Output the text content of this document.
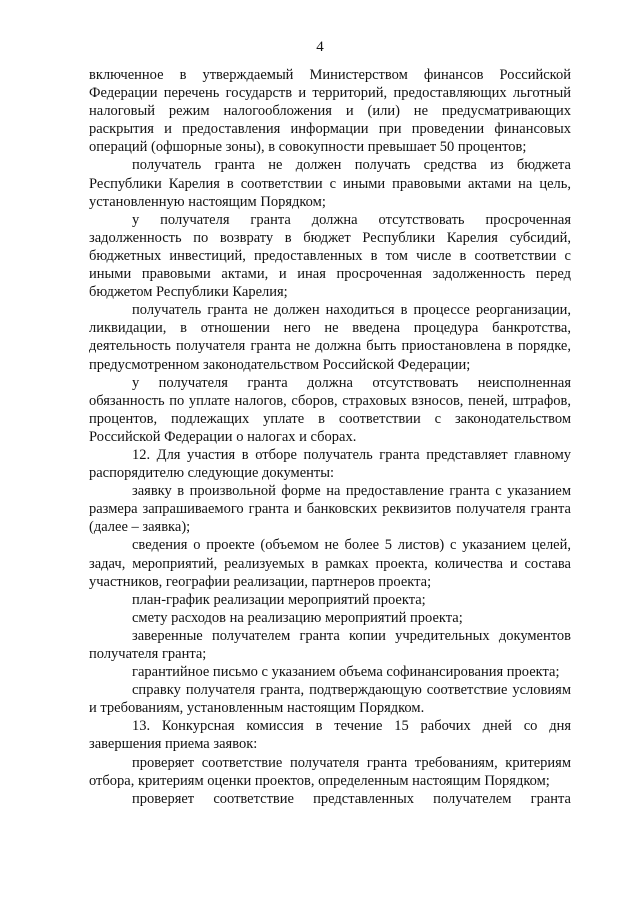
4

включенное в утверждаемый Министерством финансов Российской Федерации перечень государств и территорий, предоставляющих льготный налоговый режим налогообложения и (или) не предусматривающих раскрытия и предоставления информации при проведении финансовых операций (офшорные зоны), в совокупности превышает 50 процентов;

получатель гранта не должен получать средства из бюджета Республики Карелия в соответствии с иными правовыми актами на цель, установленную настоящим Порядком;

у получателя гранта должна отсутствовать просроченная задолженность по возврату в бюджет Республики Карелия субсидий, бюджетных инвестиций, предоставленных в том числе в соответствии с иными правовыми актами, и иная просроченная задолженность перед бюджетом Республики Карелия;

получатель гранта не должен находиться в процессе реорганизации, ликвидации, в отношении него не введена процедура банкротства, деятельность получателя гранта не должна быть приостановлена в порядке, предусмотренном законодательством Российской Федерации;

у получателя гранта должна отсутствовать неисполненная обязанность по уплате налогов, сборов, страховых взносов, пеней, штрафов, процентов, подлежащих уплате в соответствии с законодательством Российской Федерации о налогах и сборах.

12. Для участия в отборе получатель гранта представляет главному распорядителю следующие документы:

заявку в произвольной форме на предоставление гранта с указанием размера запрашиваемого гранта и банковских реквизитов получателя гранта (далее – заявка);

сведения о проекте (объемом не более 5 листов) с указанием целей, задач, мероприятий, реализуемых в рамках проекта, количества и состава участников, географии реализации, партнеров проекта;

план-график реализации мероприятий проекта;

смету расходов на реализацию мероприятий проекта;

заверенные получателем гранта копии учредительных документов получателя гранта;

гарантийное письмо с указанием объема софинансирования проекта;

справку получателя гранта, подтверждающую соответствие условиям и требованиям, установленным настоящим Порядком.

13. Конкурсная комиссия в течение 15 рабочих дней со дня завершения приема заявок:

проверяет соответствие получателя гранта требованиям, критериям отбора, критериям оценки проектов, определенным настоящим Порядком;

проверяет соответствие представленных получателем гранта
